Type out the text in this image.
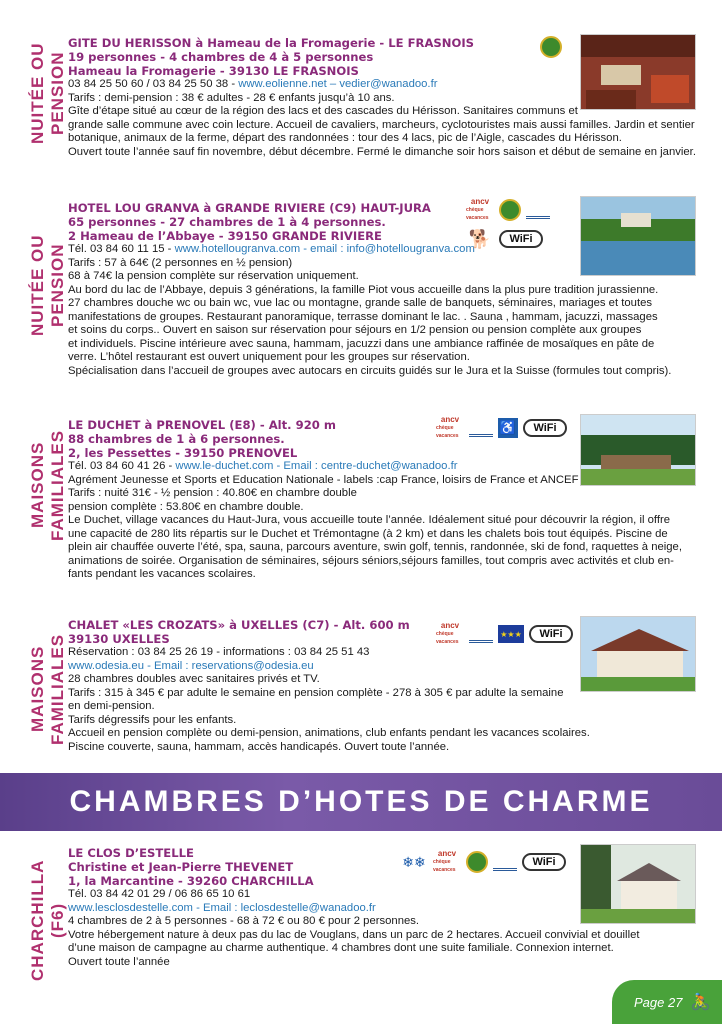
NUITÉE OU PENSION
GITE DU HERISSON à Hameau de la Fromagerie - LE FRASNOIS
19 personnes - 4 chambres de 4 à 5 personnes
Hameau la Fromagerie - 39130 LE FRASNOIS

03 84 25 50 60 / 03 84 25 50 38 - www.eolienne.net – vedier@wanadoo.fr

Tarifs : demi-pension : 38 € adultes - 28 € enfants jusqu’à 10 ans.

Gîte d’étape situé au cœur de la région des lacs et des cascades du Hérisson. Sanitaires communs et

grande salle commune avec coin lecture. Accueil de cavaliers, marcheurs, cyclotouristes mais aussi familles. Jardin et sentier

botanique, animaux de la ferme, départ des randonnées : tour des 4 lacs, pic de l’Aigle, cascades du Hérisson.

Ouvert toute l’année sauf fin novembre, début décembre. Fermé le dimanche soir hors saison et début de semaine en janvier.

NUITÉE OU PENSION
HOTEL LOU GRANVA à GRANDE RIVIERE (C9) HAUT-JURA
65 personnes - 27 chambres de 1 à 4 personnes.
2 Hameau de l’Abbaye - 39150 GRANDE RIVIERE

Tél. 03 84 60 11 15 - www.hotellougranva.com - email : info@hotellougranva.com

Tarifs : 57 à 64€ (2 personnes en ½ pension)

68 à 74€ la pension complète sur réservation uniquement.

Au bord du lac de l’Abbaye, depuis 3 générations, la famille Piot vous accueille dans la plus pure tradition jurassienne.

27 chambres douche wc ou bain wc, vue lac ou montagne, grande salle de banquets, séminaires, mariages et toutes

manifestations de groupes. Restaurant panoramique, terrasse dominant le lac. . Sauna , hammam, jacuzzi, massages

et soins du corps.. Ouvert en saison sur réservation pour séjours en 1/2 pension ou pension complète aux groupes

et individuels. Piscine intérieure avec sauna, hammam, jacuzzi dans une ambiance raffinée de mosaïques en pâte de

verre. L’hôtel restaurant est ouvert uniquement pour les groupes sur réservation.

Spécialisation dans l’accueil de groupes avec autocars en circuits guidés sur le Jura et la Suisse (formules tout compris).

ancv
chèque vacances
🐕	WiFi
MAISONS FAMILIALES
LE DUCHET à PRENOVEL (E8) - Alt. 920 m
88 chambres de 1 à 6 personnes.
2, les Pessettes - 39150 PRENOVEL

Tél. 03 84 60 41 26 - www.le-duchet.com - Email : centre-duchet@wanadoo.fr

Agrément Jeunesse et Sports et Education Nationale - labels :cap France, loisirs de France et ANCEF

Tarifs : nuité 31€ - ½ pension : 40.80€ en chambre double

pension complète : 53.80€ en chambre double.

Le Duchet, village vacances du Haut-Jura, vous accueille toute l’année. Idéalement situé pour découvrir la région, il offre

une capacité de 280 lits répartis sur le Duchet et Trémontagne (à 2 km) et dans les chalets bois tout équipés. Piscine de

plein air chauffée ouverte l’été, spa, sauna, parcours aventure, swin golf, tennis, randonnée, ski de fond, raquettes à neige,

animations de soirée. Organisation de séminaires, séjours séniors,séjours familles, tout compris avec activités et club en-

fants pendant les vacances scolaires.

ancv
chèque vacances
♿	WiFi
MAISONS FAMILIALES
CHALET «LES CROZATS» à UXELLES (C7) - Alt. 600 m
39130 UXELLES

Réservation : 03 84 25 26 19 - informations : 03 84 25 51 43

www.odesia.eu - Email : reservations@odesia.eu

28 chambres doubles avec sanitaires privés et TV.

Tarifs : 315 à 345 € par adulte le semaine en pension complète - 278 à 305 € par adulte la semaine

en demi-pension.

Tarifs dégressifs pour les enfants.

Accueil en pension complète ou demi-pension, animations, club enfants pendant les vacances scolaires.

Piscine couverte, sauna, hammam, accès handicapés. Ouvert toute l’année.

ancv
chèque vacances
★★★	WiFi
CHAMBRES D’HOTES DE CHARME
CHARCHILLA (F6)
LE CLOS D’ESTELLE
Christine et Jean-Pierre THEVENET
1, la Marcantine - 39260 CHARCHILLA

Tél. 03 84 42 01 29 / 06 86 65 10 61

www.lesclosdestelle.com - Email : leclosdestelle@wanadoo.fr

4 chambres de 2 à 5 personnes - 68 à 72 € ou 80 € pour 2 personnes.

Votre hébergement nature à deux pas du lac de Vouglans, dans un parc de 2 hectares. Accueil convivial et douillet

d’une maison de campagne au charme authentique. 4 chambres dont une suite familiale. Connexion internet.

Ouvert toute l’année

❄❄ ancv
chèque vacances
WiFi
Page 27 🚴
